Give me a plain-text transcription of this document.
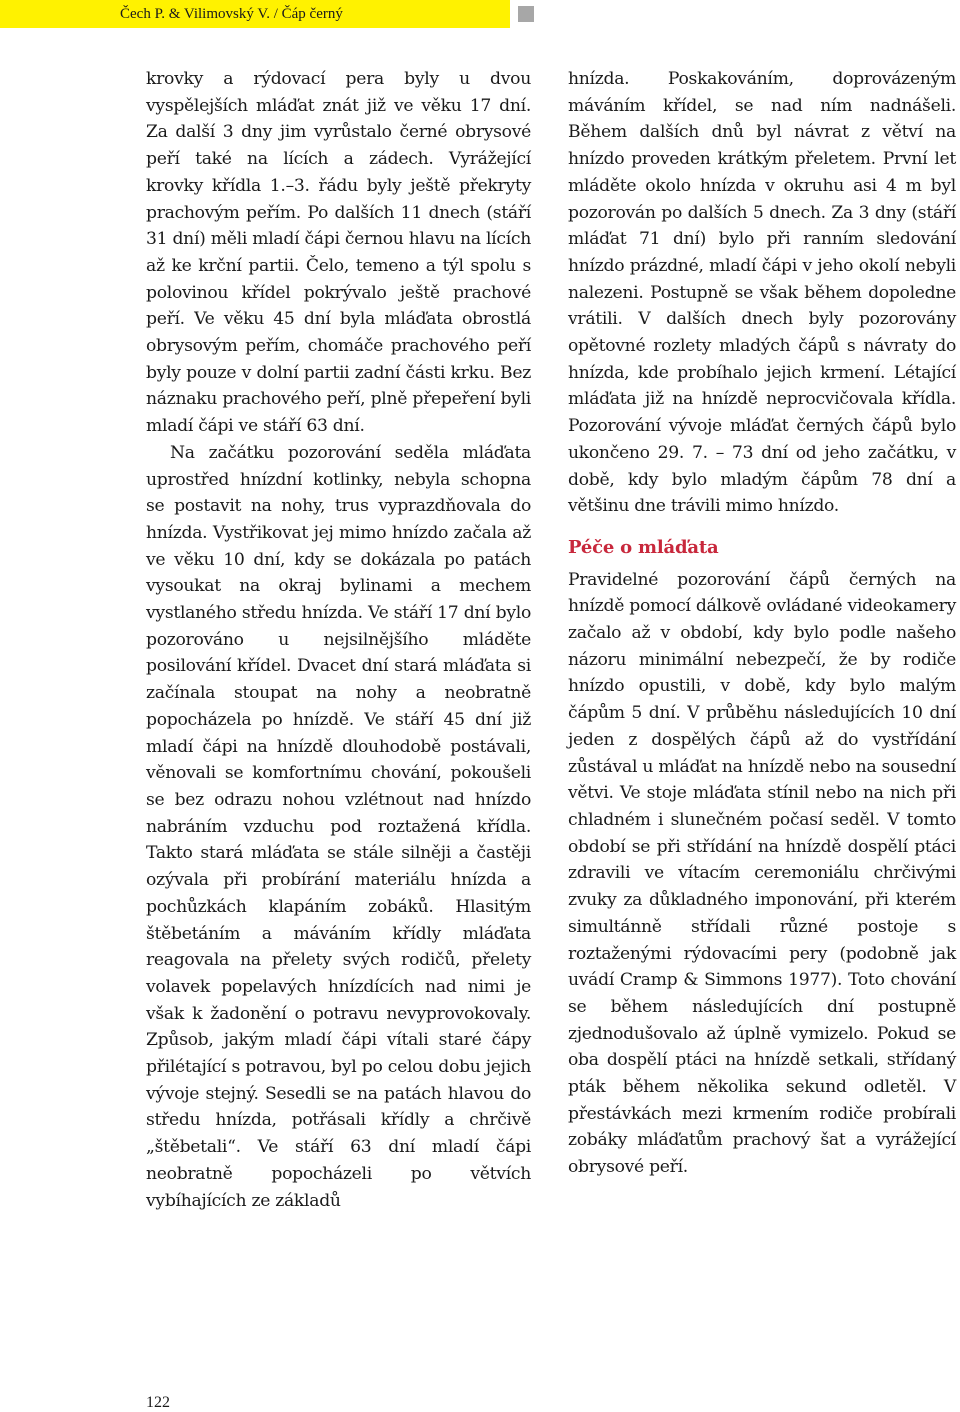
Čech P. & Vilimovský V. / Čáp černý

krovky a rýdovací pera byly u dvou vyspělejších mláďat znát již ve věku 17 dní. Za další 3 dny jim vyrůstalo černé obrysové peří také na lících a zádech. Vyrážející krovky křídla 1.–3. řádu byly ještě překryty prachovým peřím. Po dalších 11 dnech (stáří 31 dní) měli mladí čápi černou hlavu na lících až ke krční partii. Čelo, temeno a týl spolu s polovinou křídel pokrývalo ještě prachové peří. Ve věku 45 dní byla mláďata obrostlá obrysovým peřím, chomáče prachového peří byly pouze v dolní partii zadní části krku. Bez náznaku prachového peří, plně přepeření byli mladí čápi ve stáří 63 dní.

Na začátku pozorování seděla mláďata uprostřed hnízdní kotlinky, nebyla schopna se postavit na nohy, trus vyprazdňovala do hnízda. Vystřikovat jej mimo hnízdo začala až ve věku 10 dní, kdy se dokázala po patách vysoukat na okraj bylinami a mechem vystlaného středu hnízda. Ve stáří 17 dní bylo pozorováno u nejsilnějšího mláděte posilování křídel. Dvacet dní stará mláďata si začínala stoupat na nohy a neobratně popocházela po hnízdě. Ve stáří 45 dní již mladí čápi na hnízdě dlouhodobě postávali, věnovali se komfortnímu chování, pokoušeli se bez odrazu nohou vzlétnout nad hnízdo nabráním vzduchu pod roztažená křídla. Takto stará mláďata se stále silněji a častěji ozývala při probírání materiálu hnízda a pochůzkách klapáním zobáků. Hlasitým štěbetáním a máváním křídly mláďata reagovala na přelety svých rodičů, přelety volavek popelavých hnízdících nad nimi je však k žadonění o potravu nevyprovokovaly. Způsob, jakým mladí čápi vítali staré čápy přilétající s potravou, byl po celou dobu jejich vývoje stejný. Sesedli se na patách hlavou do středu hnízda, potřásali křídly a chrčivě „štěbetali“. Ve stáří 63 dní mladí čápi neobratně popocházeli po větvích vybíhajících ze základů

hnízda. Poskakováním, doprovázeným máváním křídel, se nad ním nadnášeli. Během dalších dnů byl návrat z větví na hnízdo proveden krátkým přeletem. První let mláděte okolo hnízda v okruhu asi 4 m byl pozorován po dalších 5 dnech. Za 3 dny (stáří mláďat 71 dní) bylo při ranním sledování hnízdo prázdné, mladí čápi v jeho okolí nebyli nalezeni. Postupně se však během dopoledne vrátili. V dalších dnech byly pozorovány opětovné rozlety mladých čápů s návraty do hnízda, kde probíhalo jejich krmení. Létající mláďata již na hnízdě neprocvičovala křídla. Pozorování vývoje mláďat černých čápů bylo ukončeno 29. 7. – 73 dní od jeho začátku, v době, kdy bylo mladým čápům 78 dní a většinu dne trávili mimo hnízdo.

Péče o mláďata

Pravidelné pozorování čápů černých na hnízdě pomocí dálkově ovládané videokamery začalo až v období, kdy bylo podle našeho názoru minimální nebezpečí, že by rodiče hnízdo opustili, v době, kdy bylo malým čápům 5 dní. V průběhu následujících 10 dní jeden z dospělých čápů až do vystřídání zůstával u mláďat na hnízdě nebo na sousední větvi. Ve stoje mláďata stínil nebo na nich při chladném i slunečném počasí seděl. V tomto období se při střídání na hnízdě dospělí ptáci zdravili ve vítacím ceremoniálu chrčivými zvuky za důkladného imponování, při kterém simultánně střídali různé postoje s roztaženými rýdovacími pery (podobně jak uvádí Cramp & Simmons 1977). Toto chování se během následujících dní postupně zjednodušovalo až úplně vymizelo. Pokud se oba dospělí ptáci na hnízdě setkali, střídaný pták během několika sekund odletěl. V přestávkách mezi krmením rodiče probírali zobáky mláďatům prachový šat a vyrážející obrysové peří.

122
